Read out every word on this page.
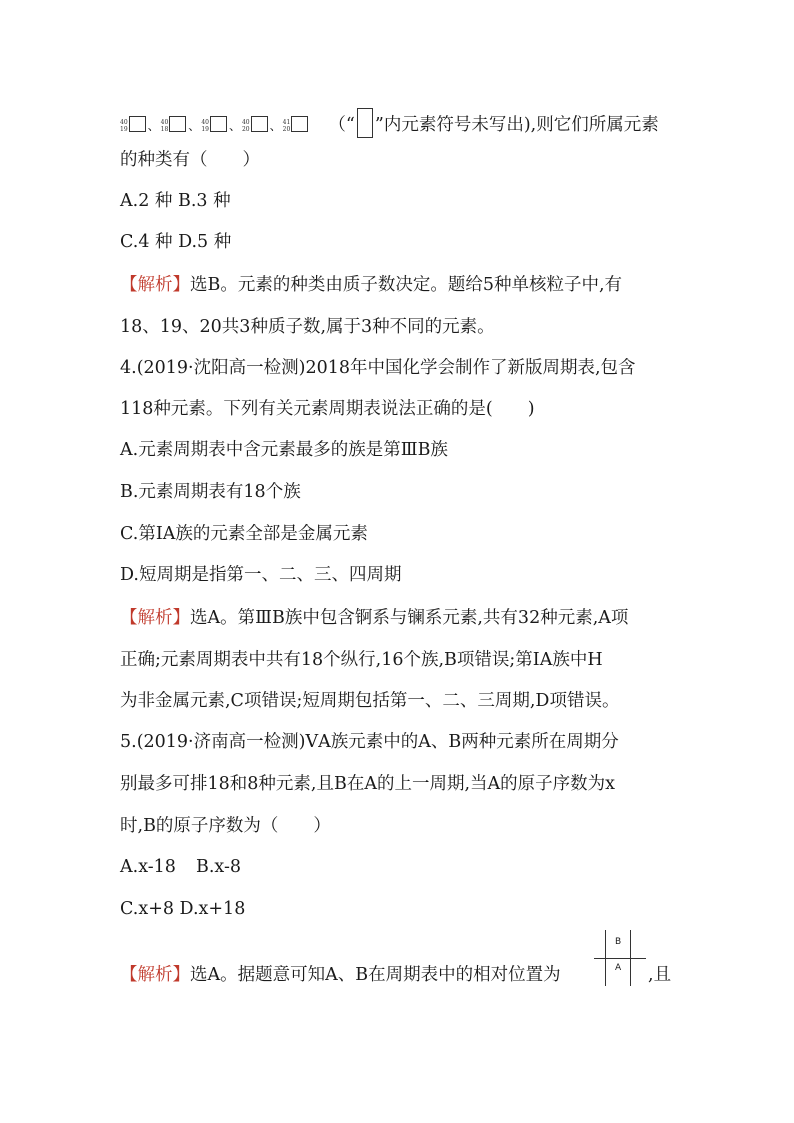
40
19 、40
18 、40
19 、40
20 、41
20 （“ ”内元素符号未写出),则它们所属元素
的种类有（　　）
A.2 种 B.3 种
C.4 种 D.5 种
【解析】选B。元素的种类由质子数决定。题给5种单核粒子中,有
18、19、20共3种质子数,属于3种不同的元素。
4.(2019·沈阳高一检测)2018年中国化学会制作了新版周期表,包含
118种元素。下列有关元素周期表说法正确的是(　　)
A.元素周期表中含元素最多的族是第ⅢB族
B.元素周期表有18个族
C.第ⅠA族的元素全部是金属元素
D.短周期是指第一、二、三、四周期
【解析】选A。第ⅢB族中包含锕系与镧系元素,共有32种元素,A项
正确;元素周期表中共有18个纵行,16个族,B项错误;第ⅠA族中H
为非金属元素,C项错误;短周期包括第一、二、三周期,D项错误。
5.(2019·济南高一检测)ⅤA族元素中的A、B两种元素所在周期分
别最多可排18和8种元素,且B在A的上一周期,当A的原子序数为x
时,B的原子序数为（　　）
A.x-18 B.x-8
C.x+8 D.x+18
【解析】选A。据题意可知A、B在周期表中的相对位置为	,且
B
A
